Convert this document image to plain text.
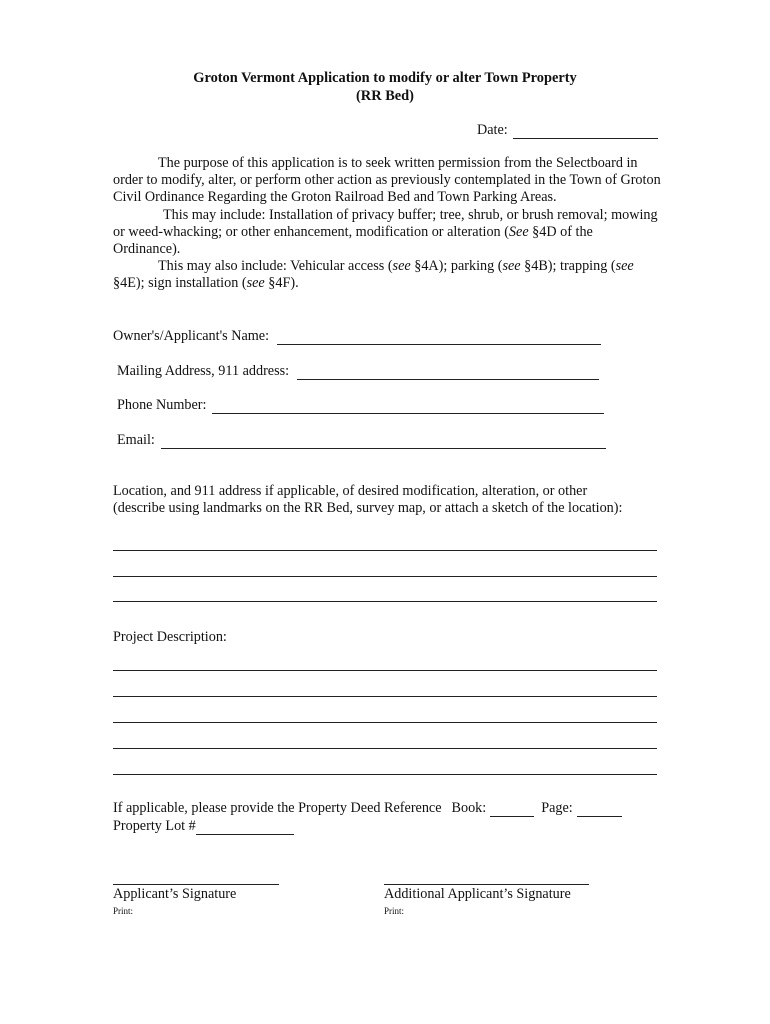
Groton Vermont Application to modify or alter Town Property
(RR Bed)
Date:

The purpose of this application is to seek written permission from the Selectboard in order to modify, alter, or perform other action as previously contemplated in the Town of Groton Civil Ordinance Regarding the Groton Railroad Bed and Town Parking Areas.

This may include: Installation of privacy buffer; tree, shrub, or brush removal; mowing or weed-whacking; or other enhancement, modification or alteration (See §4D of the Ordinance).

This may also include: Vehicular access (see §4A); parking (see §4B); trapping (see §4E); sign installation (see §4F).

Owner's/Applicant's Name:
Mailing Address, 911 address:
Phone Number:
Email:
Location, and 911 address if applicable, of desired modification, alteration, or other
(describe using landmarks on the RR Bed, survey map, or attach a sketch of the location):
Project Description:
If applicable, please provide the Property Deed Reference Book:	Page:
Property Lot #
Applicant’s Signature	Additional Applicant’s Signature
Print:	Print:
